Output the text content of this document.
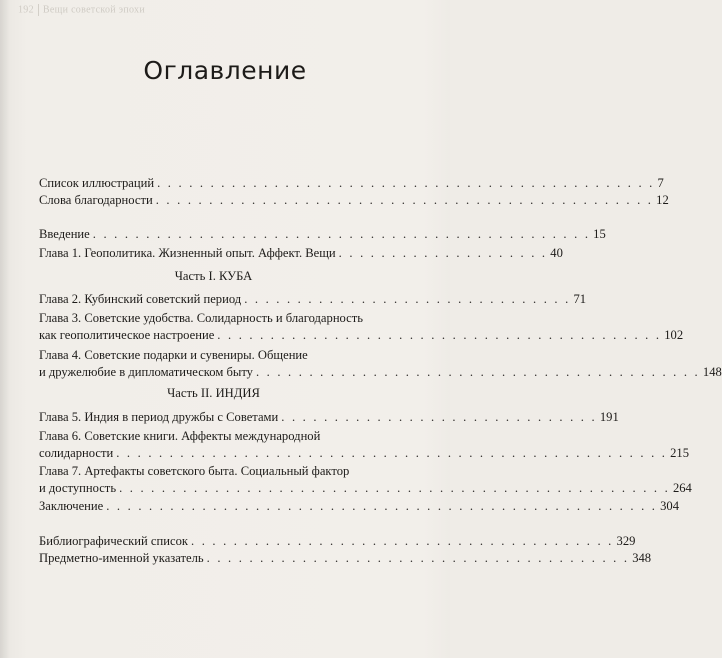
192 Вещи советской эпохи
Оглавление
Список иллюстраций . . . . . . . . . . . . . . . . . . . . . . . . . . . . . . . . . . . . . . . . . . . . . . . 7
Слова благодарности . . . . . . . . . . . . . . . . . . . . . . . . . . . . . . . . . . . . . . . . . . . . . . . 12
Введение . . . . . . . . . . . . . . . . . . . . . . . . . . . . . . . . . . . . . . . . . . . . . . . 15
Глава 1. Геополитика. Жизненный опыт. Аффект. Вещи . . . . . . . . . . . . . . . . . . . . 40
Часть I. КУБА
Глава 2. Кубинский советский период . . . . . . . . . . . . . . . . . . . . . . . . . . . . . . . 71
Глава 3. Советские удобства. Солидарность и благодарность
как геополитическое настроение . . . . . . . . . . . . . . . . . . . . . . . . . . . . . . . . . . . . . . . . . . 102
Глава 4. Советские подарки и сувениры. Общение
и дружелюбие в дипломатическом быту . . . . . . . . . . . . . . . . . . . . . . . . . . . . . . . . . . . . . . . . . . 148
Часть II. ИНДИЯ
Глава 5. Индия в период дружбы с Советами . . . . . . . . . . . . . . . . . . . . . . . . . . . . . . 191
Глава 6. Советские книги. Аффекты международной
солидарности . . . . . . . . . . . . . . . . . . . . . . . . . . . . . . . . . . . . . . . . . . . . . . . . . . . . 215
Глава 7. Артефакты советского быта. Социальный фактор
и доступность . . . . . . . . . . . . . . . . . . . . . . . . . . . . . . . . . . . . . . . . . . . . . . . . . . . . 264
Заключение . . . . . . . . . . . . . . . . . . . . . . . . . . . . . . . . . . . . . . . . . . . . . . . . . . . . 304
Библиографический список . . . . . . . . . . . . . . . . . . . . . . . . . . . . . . . . . . . . . . . . 329
Предметно-именной указатель . . . . . . . . . . . . . . . . . . . . . . . . . . . . . . . . . . . . . . . . 348
